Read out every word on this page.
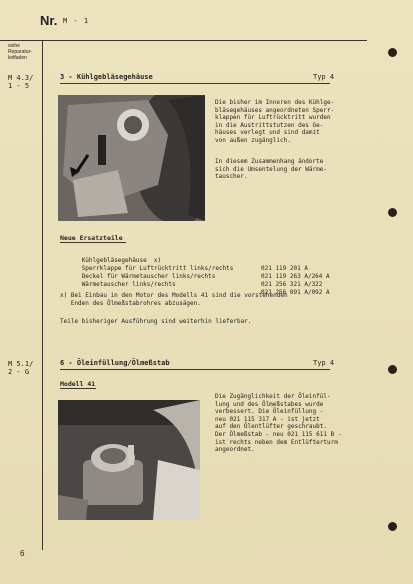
Nr. M - 1
siehe
Reparatur-
leitfaden
M 4.3/
1 - 5
M 5.1/
2 - G
3 - Kühlgebläsegehäuse	Typ 4
Die bisher im Inneren des Kühlge-
bläsegehäuses angeordneten Sperr-
klappen für Luftrücktritt wurden
in die Austrittstutzen des Ge-
häuses verlegt und sind damit
von außen zugänglich.
In diesem Zusammenhang ändorte
sich die Umsentelung der Wärme-
tauscher.
Neue Ersatzteile

Kühlgebläsegehäuse  x)

021 119 201 A

Sperrklappe für Luftrücktritt links/rechts

021 119 263 A/264 A

Deckel für Wärmetauscher links/rechts

021 256 321 A/322

Wärmetauscher links/rechts

021 256 091 A/092 A

x) Bei Einbau in den Motor des Modells 41 sind die vorstehenden
Enden des Ölmeßstabrohres abzusägen.
Teile bisheriger Ausführung sind weiterhin lieferbar.
6 - Öleinfüllung/Ölmeßstab	Typ 4
Modell 41
Die Zugänglichkeit der Öleinfül-
lung und des Ölmeßstabes wurde
verbessert. Die Öleinfüllung -
neu 021 115 317 A - ist jetzt
auf den Ölentlüfter geschraubt.
Der Ölmeßstab - neu 021 115 611 B -
ist rechts neben dem Entlüfterturm
angeordnet.
6
